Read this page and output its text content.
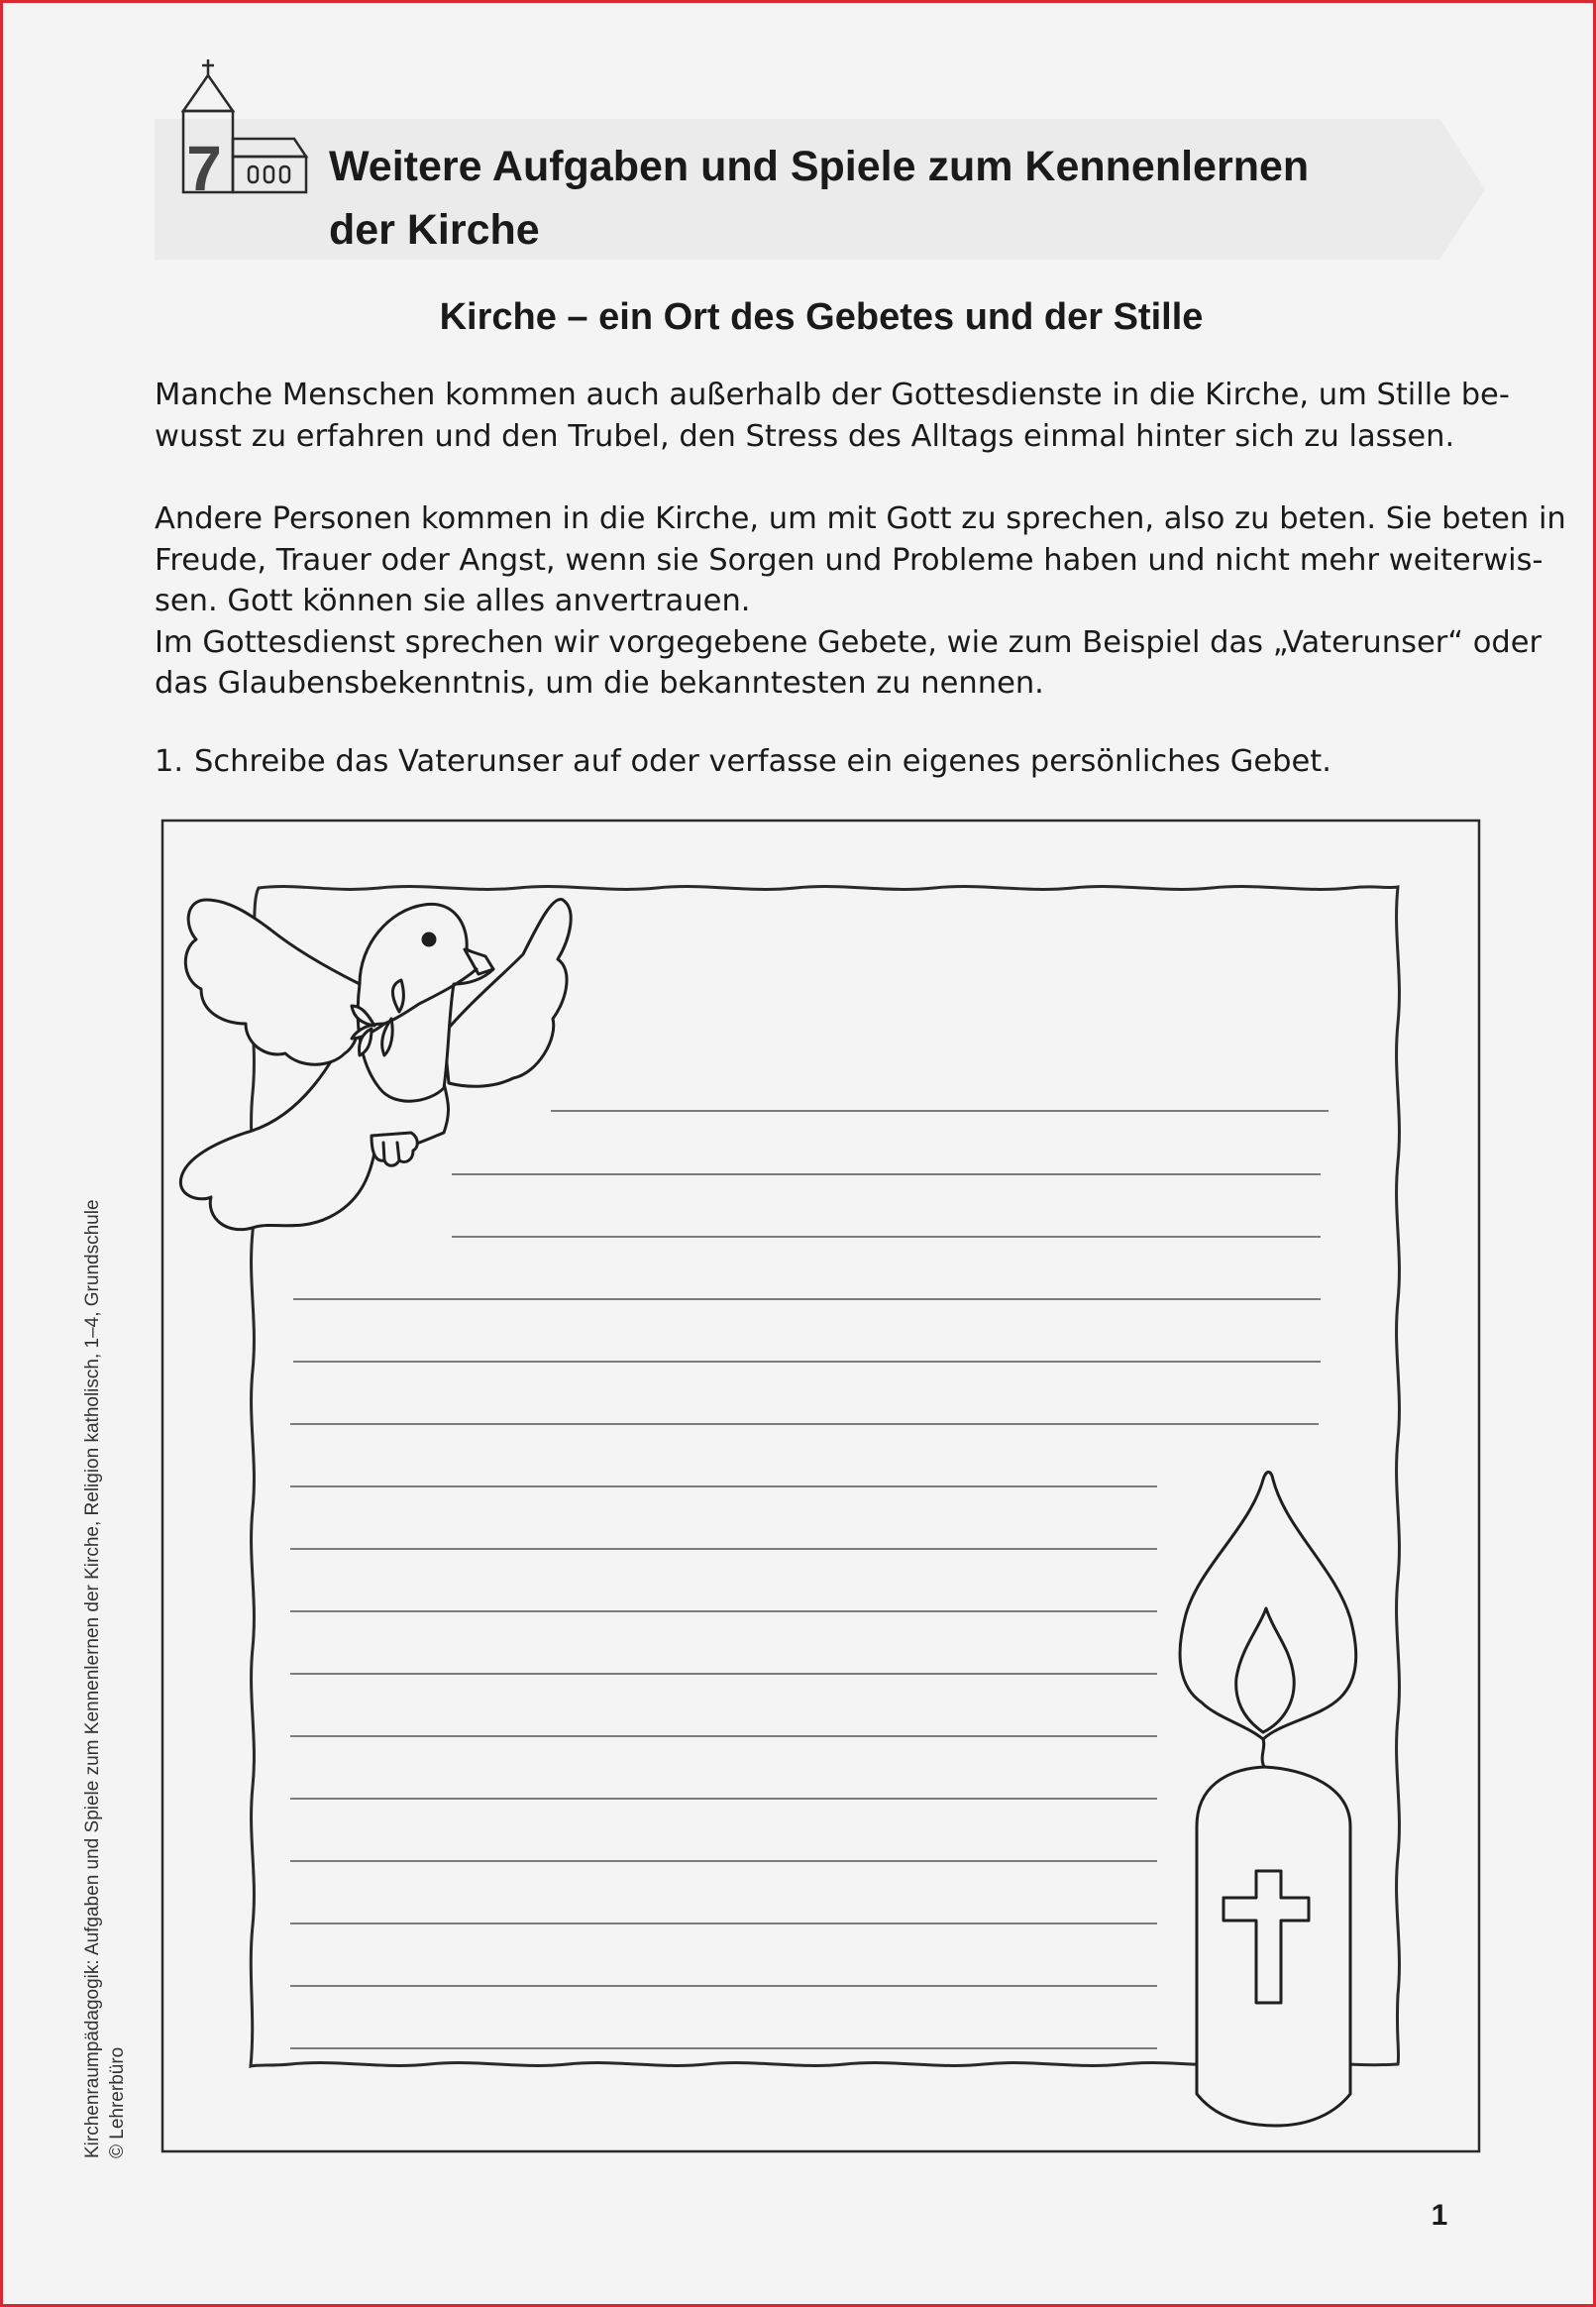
7	Weitere Aufgaben und Spiele zum Kennenlernen
der Kirche
Kirche – ein Ort des Gebetes und der Stille
Manche Menschen kommen auch außerhalb der Gottesdienste in die Kirche, um Stille be-
wusst zu erfahren und den Trubel, den Stress des Alltags einmal hinter sich zu lassen.
Andere Personen kommen in die Kirche, um mit Gott zu sprechen, also zu beten. Sie beten in
Freude, Trauer oder Angst, wenn sie Sorgen und Probleme haben und nicht mehr weiterwis-
sen. Gott können sie alles anvertrauen.
Im Gottesdienst sprechen wir vorgegebene Gebete, wie zum Beispiel das „Vaterunser“ oder
das Glaubensbekenntnis, um die bekanntesten zu nennen.
1. Schreibe das Vaterunser auf oder verfasse ein eigenes persönliches Gebet.
Kirchenraumpädagogik: Aufgaben und Spiele zum Kennenlernen der Kirche, Religion katholisch, 1–4, Grundschule © Lehrerbüro
1
